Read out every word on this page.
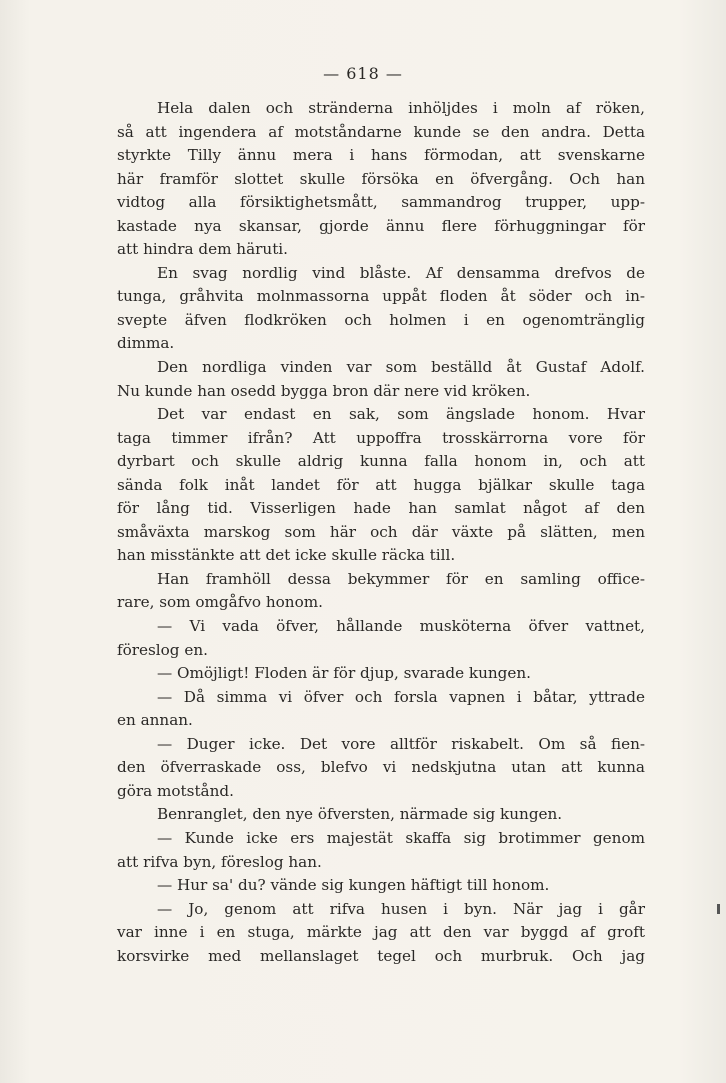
— 618 —
Hela dalen och stränderna inhöljdes i moln af röken,
så att ingendera af motståndarne kunde se den andra. Detta
styrkte Tilly ännu mera i hans förmodan, att svenskarne
här framför slottet skulle försöka en öfvergång. Och han
vidtog alla försiktighetsmått, sammandrog trupper, upp-
kastade nya skansar, gjorde ännu flere förhuggningar för
att hindra dem häruti.
En svag nordlig vind blåste. Af densamma drefvos de
tunga, gråhvita molnmassorna uppåt floden åt söder och in-
svepte äfven flodkröken och holmen i en ogenomtränglig
dimma.
Den nordliga vinden var som beställd åt Gustaf Adolf.
Nu kunde han osedd bygga bron där nere vid kröken.
Det var endast en sak, som ängslade honom. Hvar
taga timmer ifrån? Att uppoffra trosskärrorna vore för
dyrbart och skulle aldrig kunna falla honom in, och att
sända folk inåt landet för att hugga bjälkar skulle taga
för lång tid. Visserligen hade han samlat något af den
småväxta marskog som här och där växte på slätten, men
han misstänkte att det icke skulle räcka till.
Han framhöll dessa bekymmer för en samling office-
rare, som omgåfvo honom.
— Vi vada öfver, hållande musköterna öfver vattnet,
föreslog en.
— Omöjligt! Floden är för djup, svarade kungen.
— Då simma vi öfver och forsla vapnen i båtar, yttrade
en annan.
— Duger icke. Det vore alltför riskabelt. Om så fien-
den öfverraskade oss, blefvo vi nedskjutna utan att kunna
göra motstånd.
Benranglet, den nye öfversten, närmade sig kungen.
— Kunde icke ers majestät skaffa sig brotimmer genom
att rifva byn, föreslog han.
— Hur sa' du? vände sig kungen häftigt till honom.
— Jo, genom att rifva husen i byn. När jag i går
var inne i en stuga, märkte jag att den var byggd af groft
korsvirke med mellanslaget tegel och murbruk. Och jag
